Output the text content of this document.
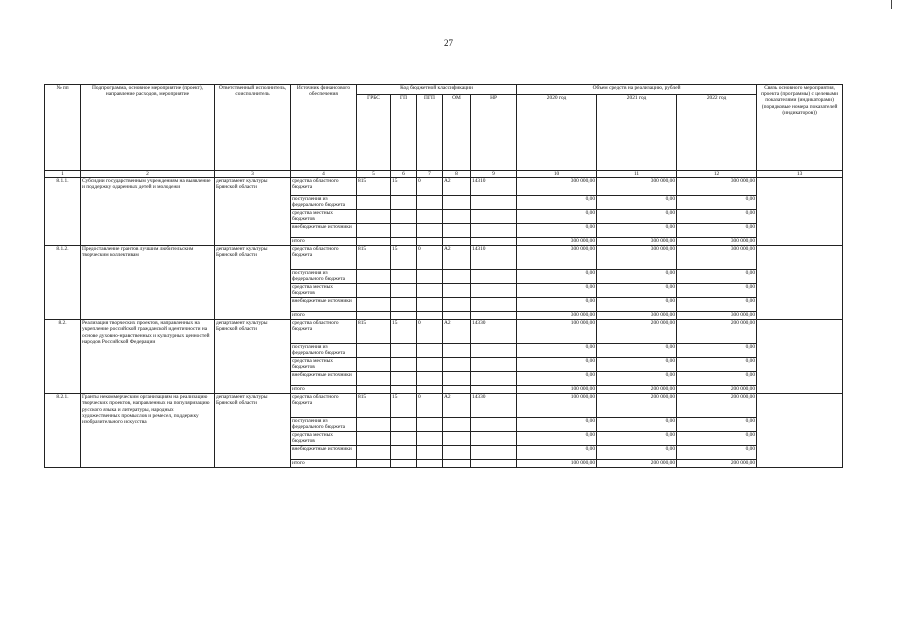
27
№ пп	Подпрограмма, основное мероприятие (проект), направление расходов, мероприятие	Ответственный исполнитель, соисполнитель	Источник финансового обеспечения	Код бюджетной классификации					Объем средств на реализацию, рублей			Связь основного мероприятия, проекта (программы) с целевыми показателями (индикаторами) (порядковые номера показателей (индикаторов))
				ГРБС	ГП	ПГП	ОМ	НР	2020 год	2021 год	2022 год	
1	2	3	4	5	6	7	8	9	10	11	12	13
8.1.1.	Субсидии государственным учреждениям на выявление и поддержку одаренных детей и молодежи	департамент культуры Брянской области	средства областного бюджета	815	15	0	А2	14310	300 000,00	300 000,00	300 000,00	
			поступления из федерального бюджета						0,00	0,00	0,00	
			средства местных бюджетов						0,00	0,00	0,00	
			внебюджетные источники						0,00	0,00	0,00	
			итого						300 000,00	300 000,00	300 000,00	
8.1.2.	Предоставление грантов лучшим любительским творческим коллективам	департамент культуры Брянской области	средства областного бюджета	815	15	0	А2	14310	300 000,00	300 000,00	300 000,00	
			поступления из федерального бюджета						0,00	0,00	0,00	
			средства местных бюджетов						0,00	0,00	0,00	
			внебюджетные источники						0,00	0,00	0,00	
			итого						300 000,00	300 000,00	300 000,00	
8.2.	Реализация творческих проектов, направленных на укрепление российской гражданской идентичности на основе духовно-нравственных и культурных ценностей народов Российской Федерации	департамент культуры Брянской области	средства областного бюджета	815	15	0	А2	14330	100 000,00	200 000,00	200 000,00	
			поступления из федерального бюджета						0,00	0,00	0,00	
			средства местных бюджетов						0,00	0,00	0,00	
			внебюджетные источники						0,00	0,00	0,00	
			итого						100 000,00	200 000,00	200 000,00	
8.2.1.	Гранты некоммерческим организациям на реализацию творческих проектов, направленных на популяризацию русского языка и литературы, народных художественных промыслов и ремесел, поддержку изобразительного искусства	департамент культуры Брянской области	средства областного бюджета	815	15	0	А2	14330	100 000,00	200 000,00	200 000,00	
			поступления из федерального бюджета						0,00	0,00	0,00	
			средства местных бюджетов						0,00	0,00	0,00	
			внебюджетные источники						0,00	0,00	0,00	
			итого						100 000,00	200 000,00	200 000,00	
